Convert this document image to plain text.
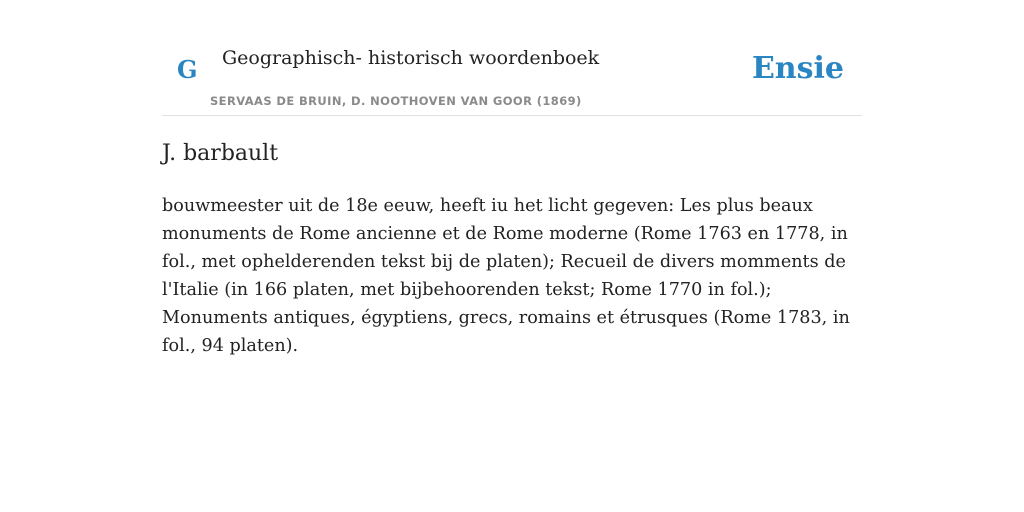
G Geographisch- historisch woordenboek
SERVAAS DE BRUIN, D. NOOTHOVEN VAN GOOR (1869)
Ensie
J. barbault

bouwmeester uit de 18e eeuw, heeft iu het licht gegeven: Les plus beaux monuments de Rome ancienne et de Rome moderne (Rome 1763 en 1778, in fol., met ophelderenden tekst bij de platen); Recueil de divers momments de l'Italie (in 166 platen, met bijbehoorenden tekst; Rome 1770 in fol.); Monuments antiques, égyptiens, grecs, romains et étrusques (Rome 1783, in fol., 94 platen).
